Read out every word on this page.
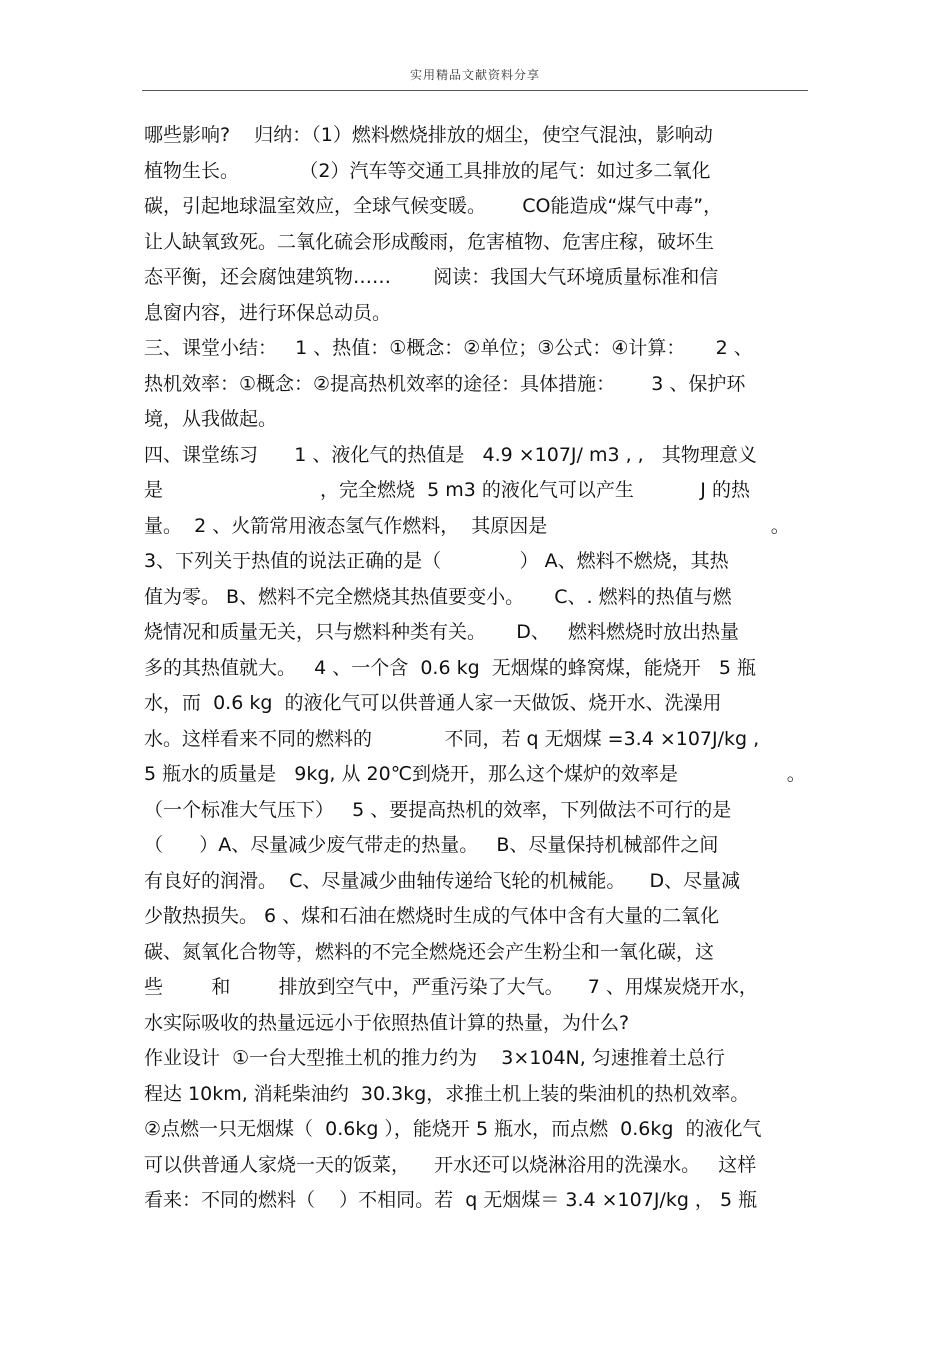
实用精品文献资料分享
哪些影响?    归纳：（1）燃料燃烧排放的烟尘，使空气混浊，影响动
植物生长。          （2）汽车等交通工具排放的尾气：如过多二氧化
碳，引起地球温室效应，全球气候变暖。      CO能造成“煤气中毒”，
让人缺氧致死。二氧化硫会形成酸雨，危害植物、危害庄稼，破坏生
态平衡，还会腐蚀建筑物……       阅读：我国大气环境质量标准和信
息窗内容，进行环保总动员。
三、课堂小结：   1 、热值：①概念：②单位；③公式：④计算：     2 、
热机效率：①概念：②提高热机效率的途径：具体措施：      3 、保护环
境，从我做起。
四、课堂练习      1 、液化气的热值是   4.9 ×107J/ m3 , ,   其物理意义
是                          ，完全燃烧  5 m3 的液化气可以产生           J 的热
量。  2 、火箭常用液态氢气作燃料，  其原因是                                     。
3、下列关于热值的说法正确的是（             ） A、燃料不燃烧，其热
值为零。 B、燃料不完全燃烧其热值要变小。     C、. 燃料的热值与燃
烧情况和质量无关，只与燃料种类有关。     D、   燃料燃烧时放出热量
多的其热值就大。   4 、一个含  0.6 kg  无烟煤的蜂窝煤，能烧开   5 瓶
水，而  0.6 kg  的液化气可以供普通人家一天做饭、烧开水、洗澡用
水。这样看来不同的燃料的            不同，若 q 无烟煤 =3.4 ×107J/kg ,
5 瓶水的质量是   9kg, 从 20℃到烧开，那么这个煤炉的效率是                  。
（一个标准大气压下）   5 、要提高热机的效率，下列做法不可行的是
（      ）A、尽量减少废气带走的热量。   B、尽量保持机械部件之间
有良好的润滑。  C、尽量减少曲轴传递给飞轮的机械能。    D、尽量减
少散热损失。 6 、煤和石油在燃烧时生成的气体中含有大量的二氧化
碳、氮氧化合物等，燃料的不完全燃烧还会产生粉尘和一氧化碳，这
些        和        排放到空气中，严重污染了大气。    7 、用煤炭烧开水，
水实际吸收的热量远远小于依照热值计算的热量，为什么?
作业设计  ①一台大型推土机的推力约为    3×104N, 匀速推着土总行
程达 10km, 消耗柴油约  30.3kg，求推土机上装的柴油机的热机效率。
②点燃一只无烟煤（  0.6kg ），能烧开 5 瓶水，而点燃  0.6kg  的液化气
可以供普通人家烧一天的饭菜，    开水还可以烧淋浴用的洗澡水。   这样
看来：不同的燃料（    ）不相同。若  q 无烟煤＝ 3.4 ×107J/kg ， 5 瓶
